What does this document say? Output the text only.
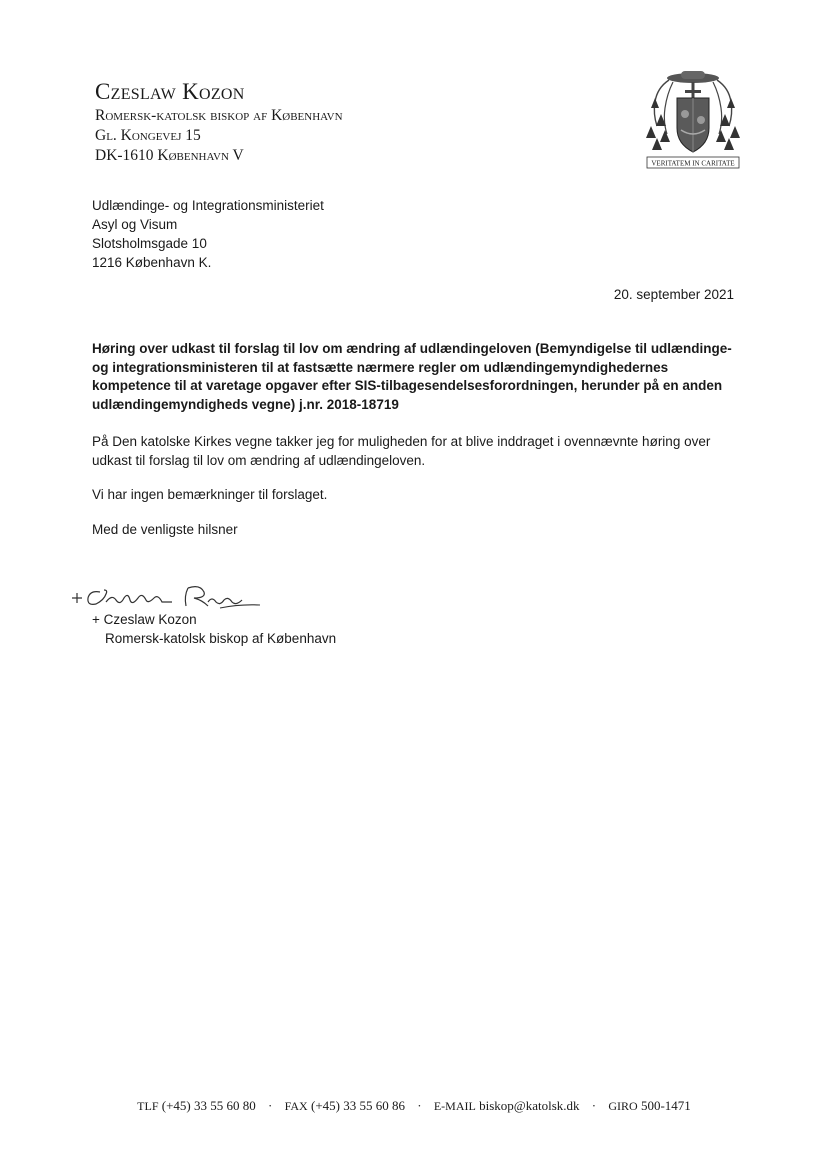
Czeslaw Kozon
Romersk-katolsk biskop af København
Gl. Kongevej 15
DK-1610 København V	VERITATEM IN CARITATE
Udlændinge- og Integrationsministeriet
Asyl og Visum
Slotsholmsgade 10
1216 København K.
20. september 2021
Høring over udkast til forslag til lov om ændring af udlændingeloven (Bemyndigelse til udlændinge- og integrationsministeren til at fastsætte nærmere regler om udlændingemyndighedernes kompetence til at varetage opgaver efter SIS-tilbagesendelsesforordningen, herunder på en anden udlændingemyndigheds vegne) j.nr. 2018-18719
På Den katolske Kirkes vegne takker jeg for muligheden for at blive inddraget i ovennævnte høring over udkast til forslag til lov om ændring af udlændingeloven.
Vi har ingen bemærkninger til forslaget.
Med de venligste hilsner
+ Czeslaw Kozon
Romersk-katolsk biskop af København
TLF (+45) 33 55 60 80 · FAX (+45) 33 55 60 86 · E-MAIL biskop@katolsk.dk · GIRO 500-1471
